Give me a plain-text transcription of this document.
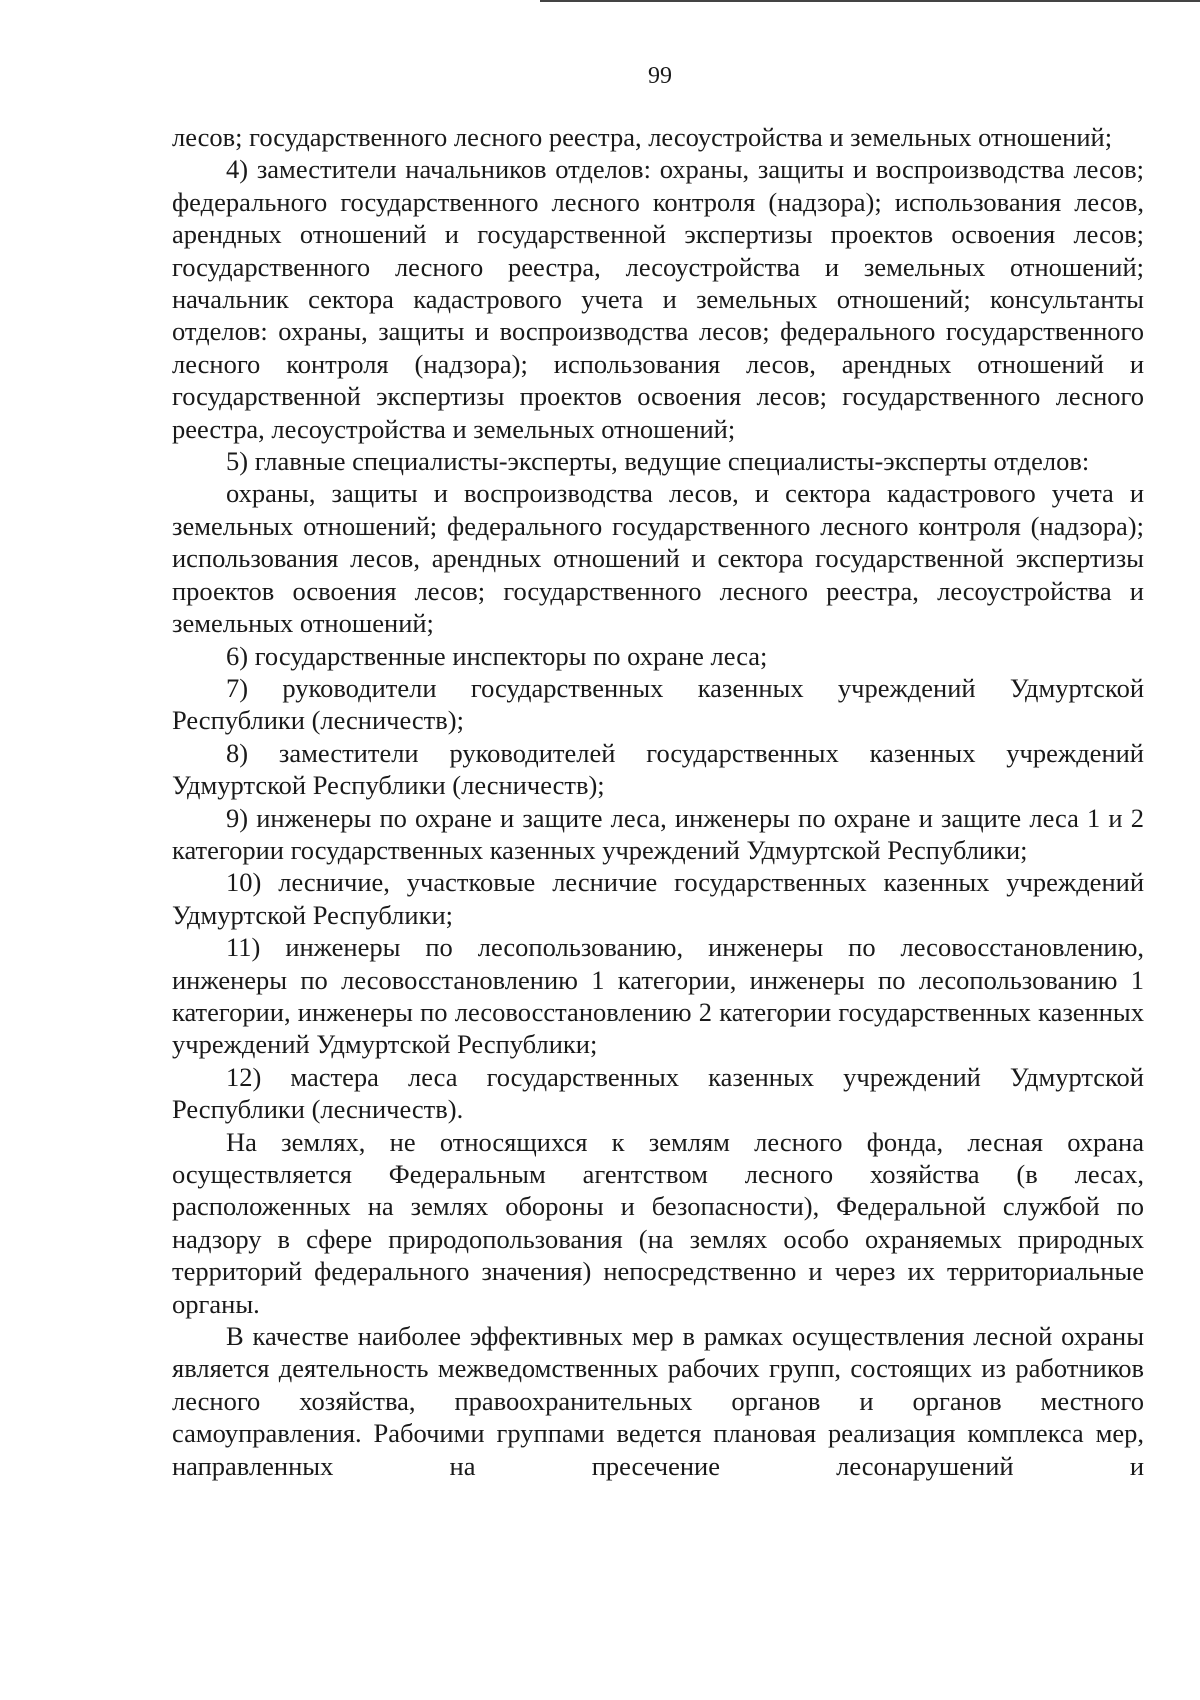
99

лесов; государственного лесного реестра, лесоустройства и земельных отношений;

4) заместители начальников отделов: охраны, защиты и воспроизводства лесов; федерального государственного лесного контроля (надзора); использования лесов, арендных отношений и государственной экспертизы проектов освоения лесов; государственного лесного реестра, лесоустройства и земельных отношений; начальник сектора кадастрового учета и земельных отношений; консультанты отделов: охраны, защиты и воспроизводства лесов; федерального государственного лесного контроля (надзора); использования лесов, арендных отношений и государственной экспертизы проектов освоения лесов; государственного лесного реестра, лесоустройства и земельных отношений;

5) главные специалисты-эксперты, ведущие специалисты-эксперты отделов:

охраны, защиты и воспроизводства лесов, и сектора кадастрового учета и земельных отношений; федерального государственного лесного контроля (надзора); использования лесов, арендных отношений и сектора государственной экспертизы проектов освоения лесов; государственного лесного реестра, лесоустройства и земельных отношений;

6) государственные инспекторы по охране леса;

7) руководители государственных казенных учреждений Удмуртской Республики (лесничеств);

8) заместители руководителей государственных казенных учреждений Удмуртской Республики (лесничеств);

9) инженеры по охране и защите леса, инженеры по охране и защите леса 1 и 2 категории государственных казенных учреждений Удмуртской Республики;

10) лесничие, участковые лесничие государственных казенных учреждений Удмуртской Республики;

11) инженеры по лесопользованию, инженеры по лесовосстановлению, инженеры по лесовосстановлению 1 категории, инженеры по лесопользованию 1 категории, инженеры по лесовосстановлению 2 категории государственных казенных учреждений Удмуртской Республики;

12) мастера леса государственных казенных учреждений Удмуртской Республики (лесничеств).

На землях, не относящихся к землям лесного фонда, лесная охрана осуществляется Федеральным агентством лесного хозяйства (в лесах, расположенных на землях обороны и безопасности), Федеральной службой по надзору в сфере природопользования (на землях особо охраняемых природных территорий федерального значения) непосредственно и через их территориальные органы.

В качестве наиболее эффективных мер в рамках осуществления лесной охраны является деятельность межведомственных рабочих групп, состоящих из работников лесного хозяйства, правоохранительных органов и органов местного самоуправления. Рабочими группами ведется плановая реализация комплекса мер, направленных на пресечение лесонарушений и
